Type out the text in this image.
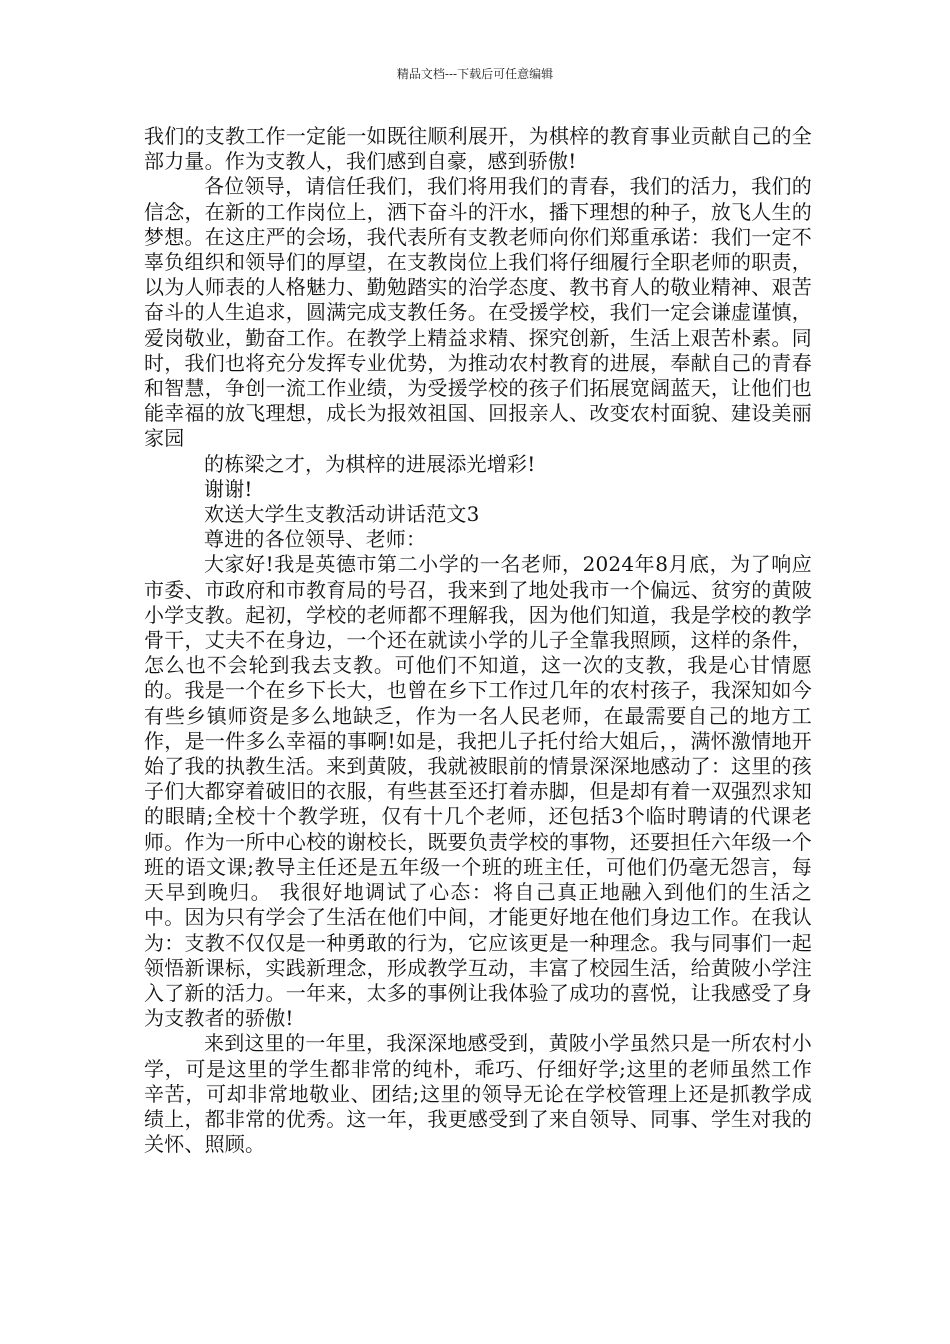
精品文档---下载后可任意编辑

我们的支教工作一定能一如既往顺利展开，为棋梓的教育事业贡献自己的全部力量。作为支教人，我们感到自豪，感到骄傲!

各位领导，请信任我们，我们将用我们的青春，我们的活力，我们的信念，在新的工作岗位上，洒下奋斗的汗水，播下理想的种子，放飞人生的梦想。在这庄严的会场，我代表所有支教老师向你们郑重承诺：我们一定不辜负组织和领导们的厚望，在支教岗位上我们将仔细履行全职老师的职责，以为人师表的人格魅力、勤勉踏实的治学态度、教书育人的敬业精神、艰苦奋斗的人生追求，圆满完成支教任务。在受援学校，我们一定会谦虚谨慎，爱岗敬业，勤奋工作。在教学上精益求精、探究创新，生活上艰苦朴素。同时，我们也将充分发挥专业优势，为推动农村教育的进展，奉献自己的青春和智慧，争创一流工作业绩，为受援学校的孩子们拓展宽阔蓝天，让他们也能幸福的放飞理想，成长为报效祖国、回报亲人、改变农村面貌、建设美丽家园

的栋梁之才，为棋梓的进展添光增彩!

谢谢!

欢送大学生支教活动讲话范文3

尊进的各位领导、老师：

大家好!我是英德市第二小学的一名老师，2024年8月底，为了响应市委、市政府和市教育局的号召，我来到了地处我市一个偏远、贫穷的黄陂小学支教。起初，学校的老师都不理解我，因为他们知道，我是学校的教学骨干，丈夫不在身边，一个还在就读小学的儿子全靠我照顾，这样的条件，怎么也不会轮到我去支教。可他们不知道，这一次的支教，我是心甘情愿的。我是一个在乡下长大，也曾在乡下工作过几年的农村孩子，我深知如今有些乡镇师资是多么地缺乏，作为一名人民老师，在最需要自己的地方工作，是一件多么幸福的事啊!如是，我把儿子托付给大姐后，，满怀激情地开始了我的执教生活。来到黄陂，我就被眼前的情景深深地感动了：这里的孩子们大都穿着破旧的衣服，有些甚至还打着赤脚，但是却有着一双强烈求知的眼睛;全校十个教学班，仅有十几个老师，还包括3个临时聘请的代课老师。作为一所中心校的谢校长，既要负责学校的事物，还要担任六年级一个班的语文课;教导主任还是五年级一个班的班主任，可他们仍毫无怨言，每天早到晚归。 我很好地调试了心态：将自己真正地融入到他们的生活之中。因为只有学会了生活在他们中间，才能更好地在他们身边工作。在我认为：支教不仅仅是一种勇敢的行为，它应该更是一种理念。我与同事们一起领悟新课标，实践新理念，形成教学互动，丰富了校园生活，给黄陂小学注入了新的活力。一年来，太多的事例让我体验了成功的喜悦，让我感受了身为支教者的骄傲!

来到这里的一年里，我深深地感受到，黄陂小学虽然只是一所农村小学，可是这里的学生都非常的纯朴，乖巧、仔细好学;这里的老师虽然工作辛苦，可却非常地敬业、团结;这里的领导无论在学校管理上还是抓教学成绩上，都非常的优秀。这一年，我更感受到了来自领导、同事、学生对我的关怀、照顾。
